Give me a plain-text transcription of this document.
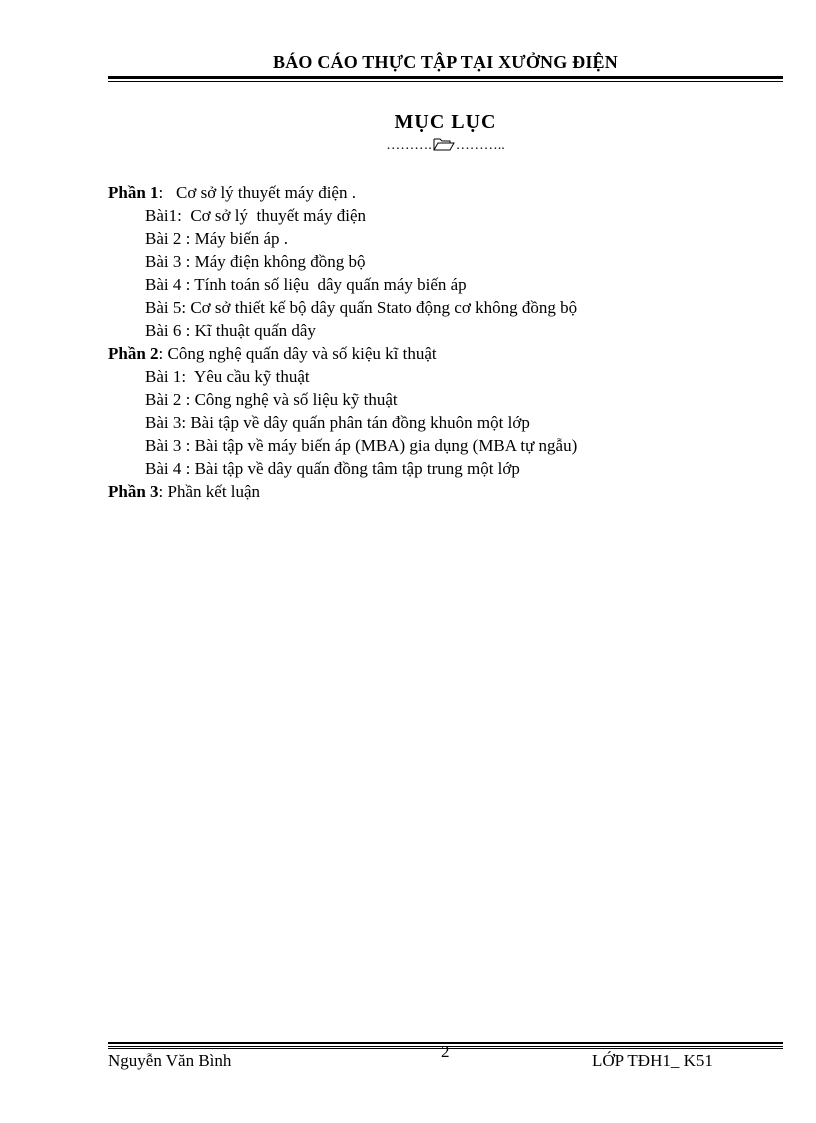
BÁO CÁO THỰC TẬP TẠI XƯỞNG ĐIỆN
MỤC LỤC
………. ………..
Phần 1:   Cơ sở lý thuyết máy điện .
Bài1:  Cơ sở lý  thuyết máy điện
Bài 2 : Máy biến áp .
Bài 3 : Máy điện không đồng bộ
Bài 4 : Tính toán số liệu  dây quấn máy biến áp
Bài 5: Cơ sở thiết kế bộ dây quấn Stato động cơ không đồng bộ
Bài 6 : Kĩ thuật quấn dây
Phần 2: Công nghệ quấn dây và số kiệu kĩ thuật
Bài 1:  Yêu cầu kỹ thuật
Bài 2 : Công nghệ và số liệu kỹ thuật
Bài 3: Bài tập về dây quấn phân tán đồng khuôn một lớp
Bài 3 : Bài tập về máy biến áp (MBA) gia dụng (MBA tự ngẫu)
Bài 4 : Bài tập về dây quấn đồng tâm tập trung một lớp
Phần 3: Phần kết luận
Nguyễn Văn Bình	2	LỚP TĐH1_ K51
